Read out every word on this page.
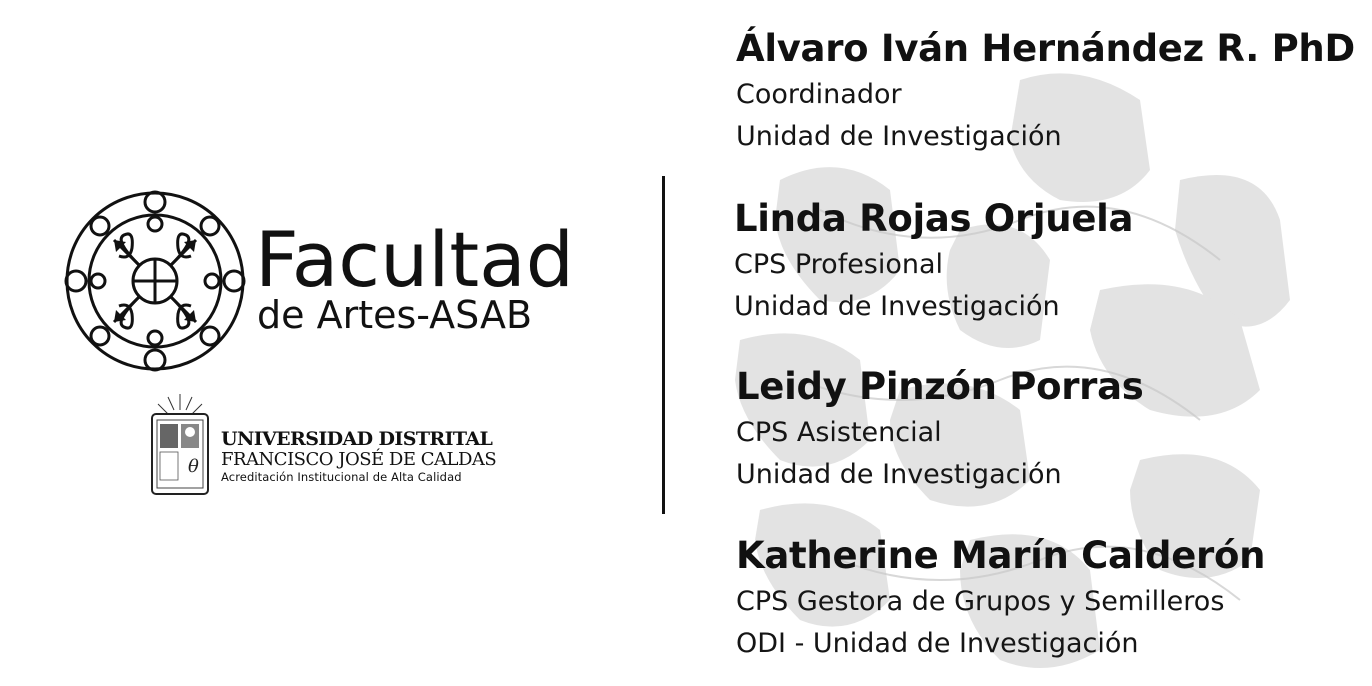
Facultad
de Artes-ASAB
θ
UNIVERSIDAD DISTRITAL
FRANCISCO JOSÉ DE CALDAS
Acreditación Institucional de Alta Calidad
Álvaro Iván Hernández R. PhD
Coordinador
Unidad de Investigación
Linda Rojas Orjuela
CPS Profesional
Unidad de Investigación
Leidy Pinzón Porras
CPS Asistencial
Unidad de Investigación
Katherine Marín Calderón
CPS Gestora de Grupos y Semilleros
ODI - Unidad de Investigación
